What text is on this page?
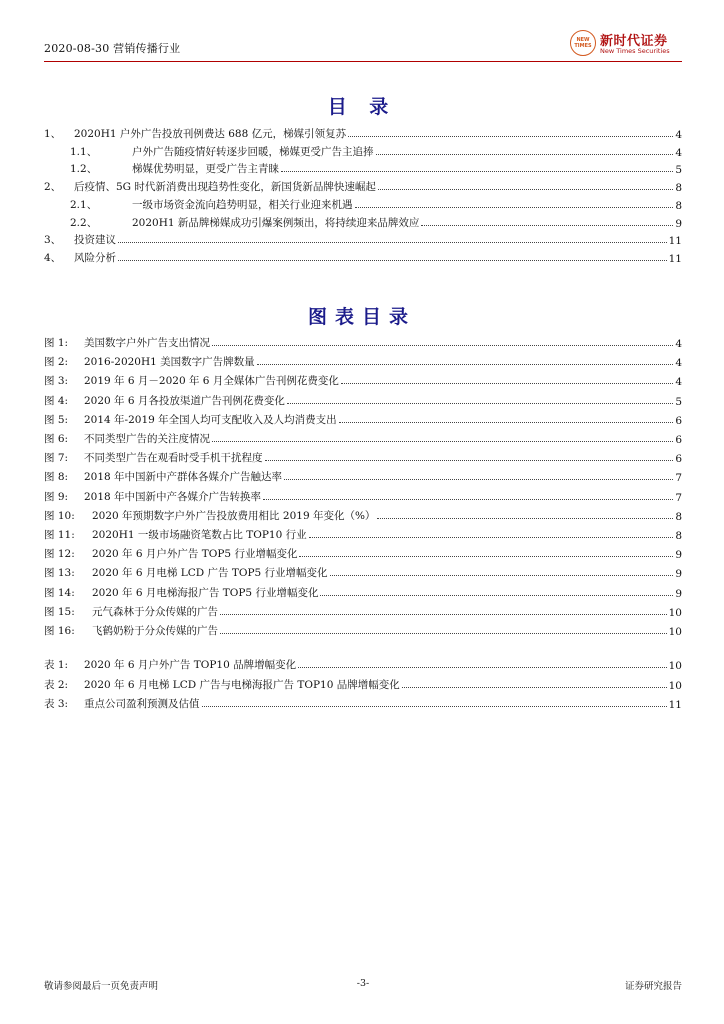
2020-08-30 营销传播行业
NEW
TIMES 新时代证券
New Times Securities
目 录
1、	2020H1 户外广告投放刊例费达 688 亿元，梯媒引领复苏	4
1.1、	户外广告随疫情好转逐步回暖，梯媒更受广告主追捧	4
1.2、	梯媒优势明显，更受广告主青睐	5
2、	后疫情、5G 时代新消费出现趋势性变化，新国货新品牌快速崛起	8
2.1、	一级市场资金流向趋势明显，相关行业迎来机遇	8
2.2、	2020H1 新品牌梯媒成功引爆案例频出，将持续迎来品牌效应	9
3、	投资建议	11
4、	风险分析	11
图表目录
图 1:	美国数字户外广告支出情况	4
图 2:	2016-2020H1 美国数字广告牌数量	4
图 3:	2019 年 6 月－2020 年 6 月全媒体广告刊例花费变化	4
图 4:	2020 年 6 月各投放渠道广告刊例花费变化	5
图 5:	2014 年-2019 年全国人均可支配收入及人均消费支出	6
图 6:	不同类型广告的关注度情况	6
图 7:	不同类型广告在观看时受手机干扰程度	6
图 8:	2018 年中国新中产群体各媒介广告触达率	7
图 9:	2018 年中国新中产各媒介广告转换率	7
图 10:	2020 年预期数字户外广告投放费用相比 2019 年变化（%）	8
图 11:	2020H1 一级市场融资笔数占比 TOP10 行业	8
图 12:	2020 年 6 月户外广告 TOP5 行业增幅变化	9
图 13:	2020 年 6 月电梯 LCD 广告 TOP5 行业增幅变化	9
图 14:	2020 年 6 月电梯海报广告 TOP5 行业增幅变化	9
图 15:	元气森林于分众传媒的广告	10
图 16:	飞鹤奶粉于分众传媒的广告	10
表 1:	2020 年 6 月户外广告 TOP10 品牌增幅变化	10
表 2:	2020 年 6 月电梯 LCD 广告与电梯海报广告 TOP10 品牌增幅变化	10
表 3:	重点公司盈利预测及估值	11
敬请参阅最后一页免责声明	-3-	证券研究报告
